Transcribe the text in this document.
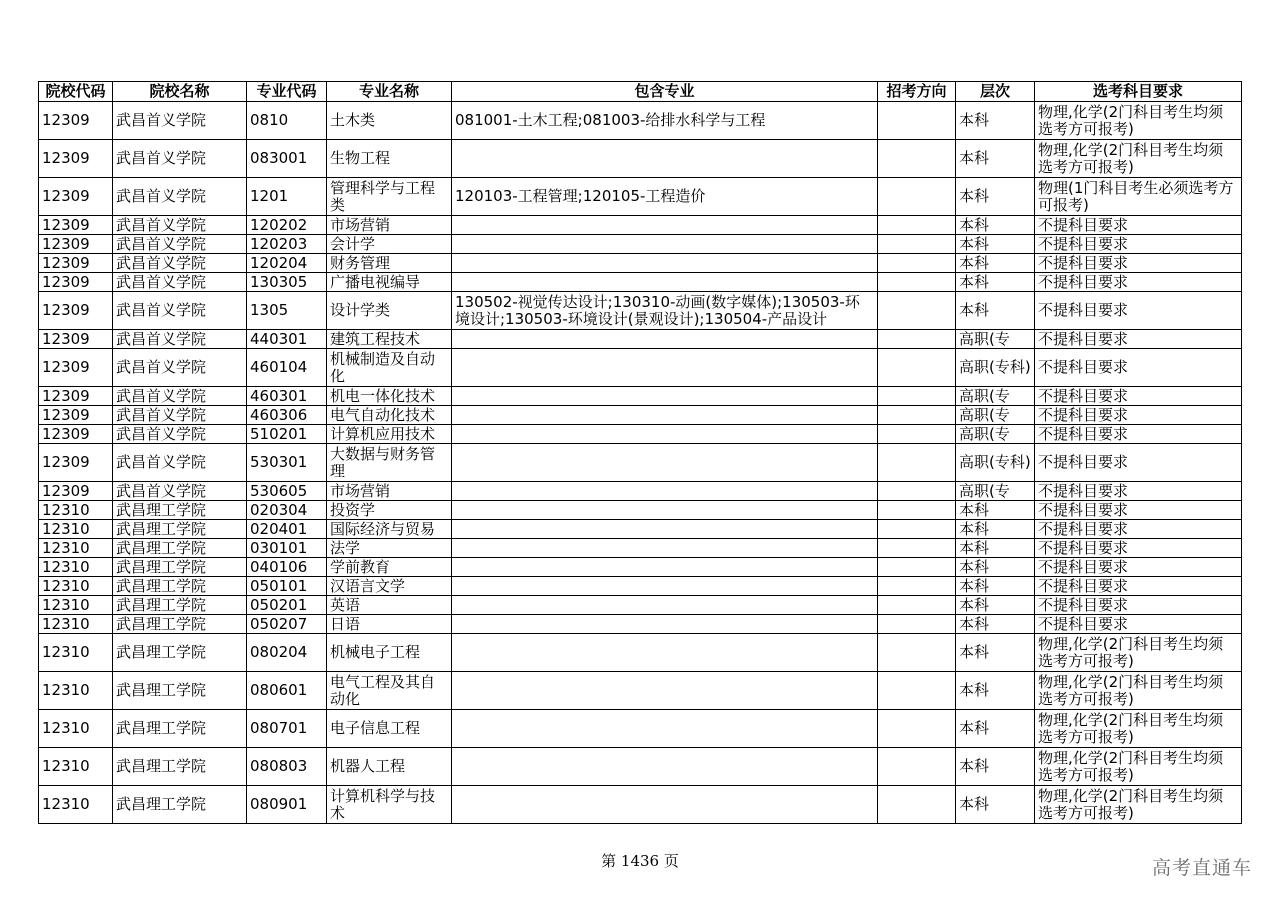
院校代码	院校名称	专业代码	专业名称	包含专业	招考方向	层次	选考科目要求
12309	武昌首义学院	0810	土木类	081001-土木工程;081003-给排水科学与工程		本科	物理,化学(2门科目考生均须选考方可报考)
12309	武昌首义学院	083001	生物工程			本科	物理,化学(2门科目考生均须选考方可报考)
12309	武昌首义学院	1201	管理科学与工程类	120103-工程管理;120105-工程造价		本科	物理(1门科目考生必须选考方可报考)
12309	武昌首义学院	120202	市场营销			本科	不提科目要求
12309	武昌首义学院	120203	会计学			本科	不提科目要求
12309	武昌首义学院	120204	财务管理			本科	不提科目要求
12309	武昌首义学院	130305	广播电视编导			本科	不提科目要求
12309	武昌首义学院	1305	设计学类	130502-视觉传达设计;130310-动画(数字媒体);130503-环境设计;130503-环境设计(景观设计);130504-产品设计		本科	不提科目要求
12309	武昌首义学院	440301	建筑工程技术			高职(专	不提科目要求
12309	武昌首义学院	460104	机械制造及自动化			高职(专科)	不提科目要求
12309	武昌首义学院	460301	机电一体化技术			高职(专	不提科目要求
12309	武昌首义学院	460306	电气自动化技术			高职(专	不提科目要求
12309	武昌首义学院	510201	计算机应用技术			高职(专	不提科目要求
12309	武昌首义学院	530301	大数据与财务管理			高职(专科)	不提科目要求
12309	武昌首义学院	530605	市场营销			高职(专	不提科目要求
12310	武昌理工学院	020304	投资学			本科	不提科目要求
12310	武昌理工学院	020401	国际经济与贸易			本科	不提科目要求
12310	武昌理工学院	030101	法学			本科	不提科目要求
12310	武昌理工学院	040106	学前教育			本科	不提科目要求
12310	武昌理工学院	050101	汉语言文学			本科	不提科目要求
12310	武昌理工学院	050201	英语			本科	不提科目要求
12310	武昌理工学院	050207	日语			本科	不提科目要求
12310	武昌理工学院	080204	机械电子工程			本科	物理,化学(2门科目考生均须选考方可报考)
12310	武昌理工学院	080601	电气工程及其自动化			本科	物理,化学(2门科目考生均须选考方可报考)
12310	武昌理工学院	080701	电子信息工程			本科	物理,化学(2门科目考生均须选考方可报考)
12310	武昌理工学院	080803	机器人工程			本科	物理,化学(2门科目考生均须选考方可报考)
12310	武昌理工学院	080901	计算机科学与技术			本科	物理,化学(2门科目考生均须选考方可报考)
第 1436 页	高考直通车
